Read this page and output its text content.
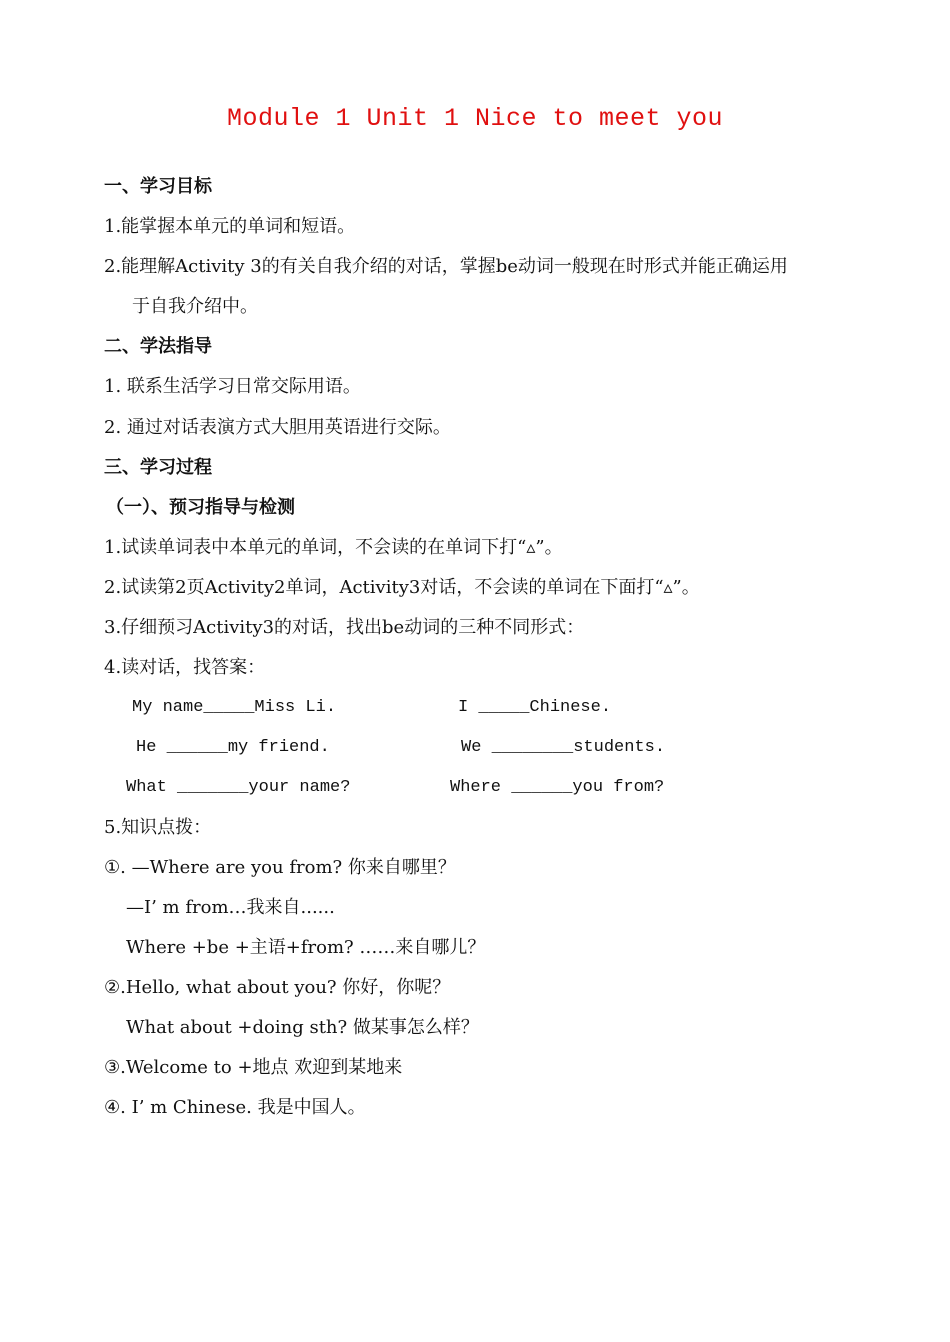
Module 1 Unit 1 Nice to meet you
一、学习目标
1.能掌握本单元的单词和短语。
2.能理解Activity 3的有关自我介绍的对话，掌握be动词一般现在时形式并能正确运用
于自我介绍中。
二、学法指导
1. 联系生活学习日常交际用语。
2. 通过对话表演方式大胆用英语进行交际。
三、学习过程
（一）、预习指导与检测
1.试读单词表中本单元的单词，不会读的在单词下打“▵”。
2.试读第2页Activity2单词，Activity3对话，不会读的单词在下面打“▵”。
3.仔细预习Activity3的对话，找出be动词的三种不同形式：
4.读对话，找答案：
My name_____Miss Li.	I _____Chinese.
He ______my friend.	We ________students.
What _______your name?	Where ______you from?
5.知识点拨：
①. —Where are you from? 你来自哪里？
—I’ m from…我来自......
Where +be +主语+from? ……来自哪儿？
②.Hello, what about you? 你好，你呢？
What about +doing sth? 做某事怎么样？
③.Welcome to +地点 欢迎到某地来
④. I’ m Chinese. 我是中国人。
